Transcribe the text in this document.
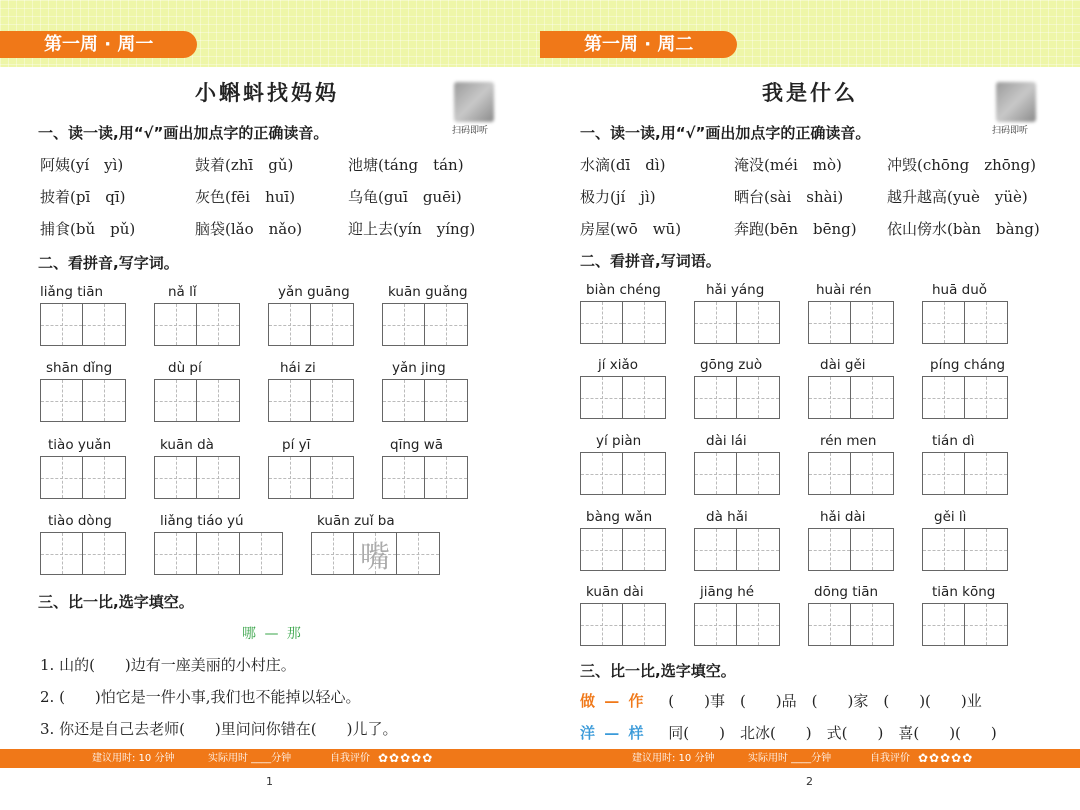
第一周 · 周一
小蝌蚪找妈妈
扫码即听
一、读一读,用“√”画出加点字的正确读音。
阿姨(yí　yì)	鼓着(zhī　gǔ)	池塘(táng　tán)
披着(pī　qī)	灰色(fēi　huī)	乌龟(guī　guēi)
捕食(bǔ　pǔ)	脑袋(lǎo　nǎo)	迎上去(yín　yíng)
二、看拼音,写字词。
liǎng tiān	nǎ lǐ	yǎn guāng	kuān guǎng
shān dǐng	dù pí	hái zi	yǎn jing
tiào yuǎn	kuān dà	pí yī	qīng wā
tiào dòng	liǎng tiáo yú	kuān zuǐ ba
嘴
三、比一比,选字填空。
哪 — 那
1. 山的(　　)边有一座美丽的小村庄。
2. (　　)怕它是一件小事,我们也不能掉以轻心。
3. 你还是自己去老师(　　)里问问你错在(　　)儿了。
建议用时: 10 分钟	实际用时 ____分钟	自我评价 ✿✿✿✿✿
1
第一周 · 周二
我是什么
扫码即听
一、读一读,用“√”画出加点字的正确读音。
水滴(dī　dì)	淹没(méi　mò)	冲毁(chōng　zhōng)
极力(jí　jì)	晒台(sài　shài)	越升越高(yuè　yüè)
房屋(wō　wū)	奔跑(bēn　bēng) 依山傍水(bàn　bàng)
二、看拼音,写词语。
biàn chéng	hǎi yáng	huài rén	huā duǒ
jí xiǎo	gōng zuò	dài gěi	píng cháng
yí piàn	dài lái	rén men	tián dì
bàng wǎn	dà hǎi	hǎi dài	gěi lì
kuān dài	jiāng hé	dōng tiān	tiān kōng
三、比一比,选字填空。
做 — 作 (　　)事　(　　)品　(　　)家　(　　)(　　)业
洋 — 样 同(　　)　北冰(　　)　式(　　)　喜(　　)(　　)
建议用时: 10 分钟	实际用时 ____分钟	自我评价 ✿✿✿✿✿
2
